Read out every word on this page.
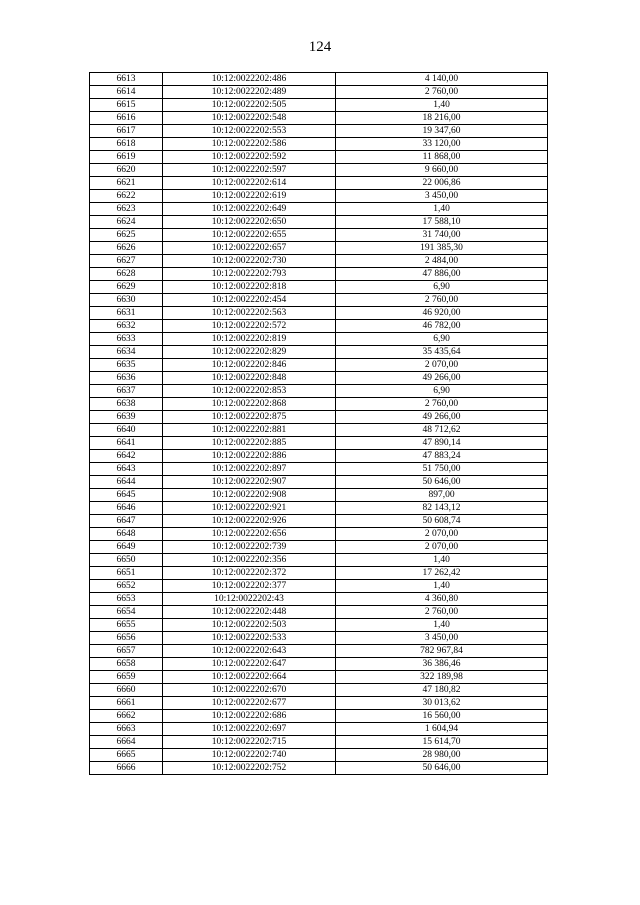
124
6613	10:12:0022202:486	4 140,00
6614	10:12:0022202:489	2 760,00
6615	10:12:0022202:505	1,40
6616	10:12:0022202:548	18 216,00
6617	10:12:0022202:553	19 347,60
6618	10:12:0022202:586	33 120,00
6619	10:12:0022202:592	11 868,00
6620	10:12:0022202:597	9 660,00
6621	10:12:0022202:614	22 006,86
6622	10:12:0022202:619	3 450,00
6623	10:12:0022202:649	1,40
6624	10:12:0022202:650	17 588,10
6625	10:12:0022202:655	31 740,00
6626	10:12:0022202:657	191 385,30
6627	10:12:0022202:730	2 484,00
6628	10:12:0022202:793	47 886,00
6629	10:12:0022202:818	6,90
6630	10:12:0022202:454	2 760,00
6631	10:12:0022202:563	46 920,00
6632	10:12:0022202:572	46 782,00
6633	10:12:0022202:819	6,90
6634	10:12:0022202:829	35 435,64
6635	10:12:0022202:846	2 070,00
6636	10:12:0022202:848	49 266,00
6637	10:12:0022202:853	6,90
6638	10:12:0022202:868	2 760,00
6639	10:12:0022202:875	49 266,00
6640	10:12:0022202:881	48 712,62
6641	10:12:0022202:885	47 890,14
6642	10:12:0022202:886	47 883,24
6643	10:12:0022202:897	51 750,00
6644	10:12:0022202:907	50 646,00
6645	10:12:0022202:908	897,00
6646	10:12:0022202:921	82 143,12
6647	10:12:0022202:926	50 608,74
6648	10:12:0022202:656	2 070,00
6649	10:12:0022202:739	2 070,00
6650	10:12:0022202:356	1,40
6651	10:12:0022202:372	17 262,42
6652	10:12:0022202:377	1,40
6653	10:12:0022202:43	4 360,80
6654	10:12:0022202:448	2 760,00
6655	10:12:0022202:503	1,40
6656	10:12:0022202:533	3 450,00
6657	10:12:0022202:643	782 967,84
6658	10:12:0022202:647	36 386,46
6659	10:12:0022202:664	322 189,98
6660	10:12:0022202:670	47 180,82
6661	10:12:0022202:677	30 013,62
6662	10:12:0022202:686	16 560,00
6663	10:12:0022202:697	1 604,94
6664	10:12:0022202:715	15 614,70
6665	10:12:0022202:740	28 980,00
6666	10:12:0022202:752	50 646,00
